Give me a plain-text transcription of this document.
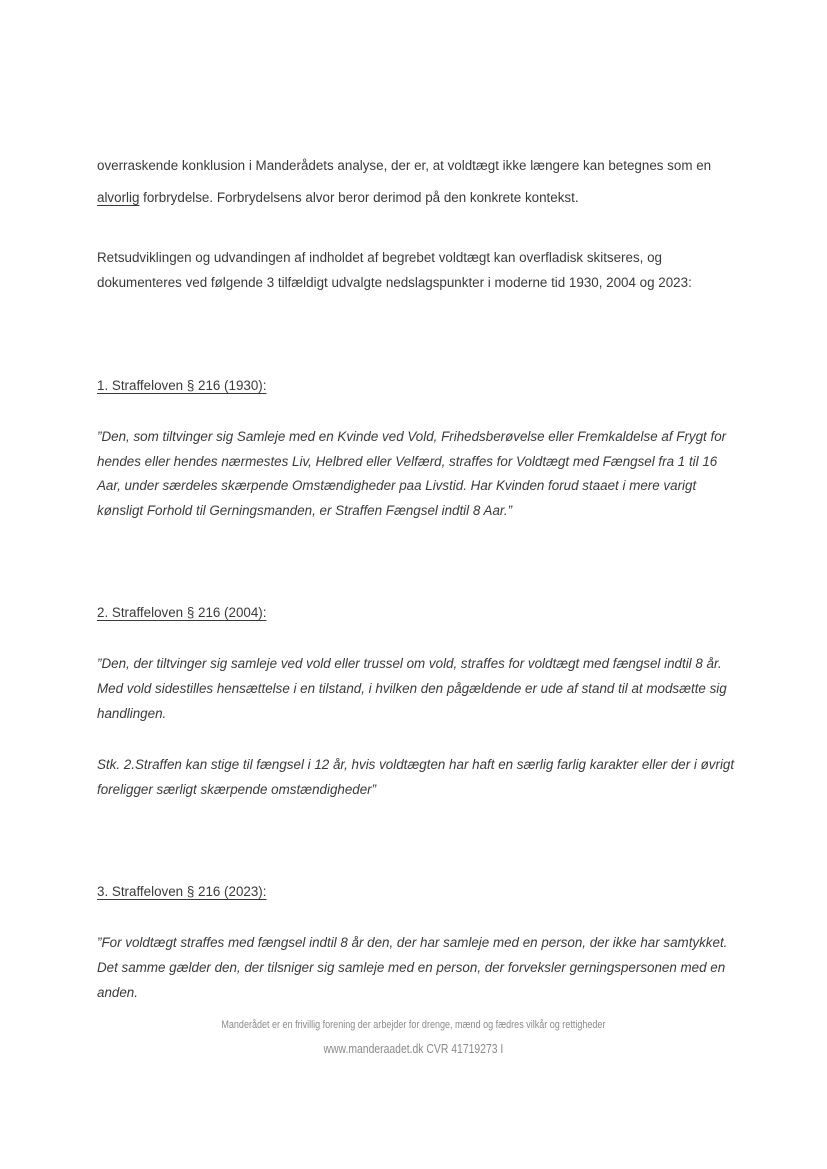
overraskende konklusion i Manderådets analyse, der er, at voldtægt ikke længere kan betegnes som en
alvorlig forbrydelse. Forbrydelsens alvor beror derimod på den konkrete kontekst.
Retsudviklingen og udvandingen af indholdet af begrebet voldtægt kan overfladisk skitseres, og
dokumenteres ved følgende 3 tilfældigt udvalgte nedslagspunkter i moderne tid 1930, 2004 og 2023:
1. Straffeloven § 216 (1930):
”Den, som tiltvinger sig Samleje med en Kvinde ved Vold, Frihedsberøvelse eller Fremkaldelse af Frygt for
hendes eller hendes nærmestes Liv, Helbred eller Velfærd, straffes for Voldtægt med Fængsel fra 1 til 16
Aar, under særdeles skærpende Omstændigheder paa Livstid. Har Kvinden forud staaet i mere varigt
kønsligt Forhold til Gerningsmanden, er Straffen Fængsel indtil 8 Aar.”
2. Straffeloven § 216 (2004):
”Den, der tiltvinger sig samleje ved vold eller trussel om vold, straffes for voldtægt med fængsel indtil 8 år.
Med vold sidestilles hensættelse i en tilstand, i hvilken den pågældende er ude af stand til at modsætte sig
handlingen.
Stk. 2.Straffen kan stige til fængsel i 12 år, hvis voldtægten har haft en særlig farlig karakter eller der i øvrigt
foreligger særligt skærpende omstændigheder”
3. Straffeloven § 216 (2023):
”For voldtægt straffes med fængsel indtil 8 år den, der har samleje med en person, der ikke har samtykket.
Det samme gælder den, der tilsniger sig samleje med en person, der forveksler gerningspersonen med en
anden.
Manderådet er en frivillig forening der arbejder for drenge, mænd og fædres vilkår og rettigheder
www.manderaadet.dk CVR 41719273 I
